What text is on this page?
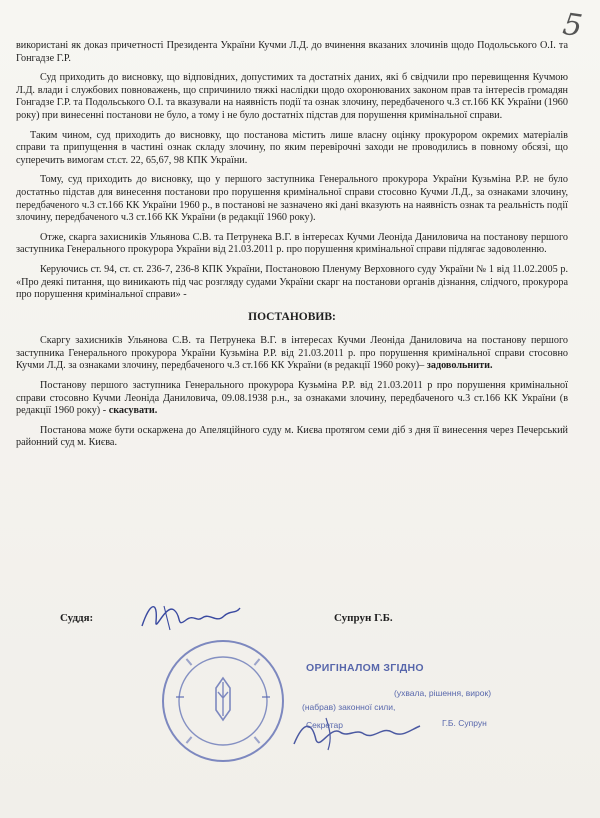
5

використані як доказ причетності Президента України Кучми Л.Д. до вчинення вказаних злочинів щодо Подольського О.І. та Гонгадзе Г.Р.

Суд приходить до висновку, що відповідних, допустимих та достатніх даних, які б свідчили про перевищення Кучмою Л.Д. влади і службових повноважень, що спричинило тяжкі наслідки щодо охоронюваних законом прав та інтересів громадян Гонгадзе Г.Р. та Подольського О.І. та вказували на наявність події та ознак злочину, передбаченого ч.3 ст.166 КК України (1960 року) при винесенні постанови не було, а тому і не було достатніх підстав для порушення кримінальної справи.

Таким чином, суд приходить до висновку, що постанова містить лише власну оцінку прокурором окремих матеріалів справи та припущення в частині ознак складу злочину, по яким перевірочні заходи не проводились в повному обсязі, що суперечить вимогам ст.ст. 22, 65,67, 98 КПК України.

Тому, суд приходить до висновку, що у першого заступника Генерального прокурора України Кузьміна Р.Р. не було достатньо підстав для винесення постанови про порушення кримінальної справи стосовно Кучми Л.Д., за ознаками злочину, передбаченого ч.3 ст.166 КК України 1960 р., в постанові не зазначено які дані вказують на наявність ознак та реальність події злочину, передбаченого ч.3 ст.166 КК України (в редакції 1960 року).

Отже, скарга захисників Ульянова С.В. та Петрунека В.Г. в інтересах Кучми Леоніда Даниловича на постанову першого заступника Генерального прокурора України від 21.03.2011 р. про порушення кримінальної справи підлягає задоволенню.

Керуючись ст. 94, ст. ст. 236-7, 236-8 КПК України, Постановою Пленуму Верховного суду України № 1 від 11.02.2005 р. «Про деякі питання, що виникають під час розгляду судами України скарг на постанови органів дізнання, слідчого, прокурора про порушення кримінальної справи» -

ПОСТАНОВИВ:

Скаргу захисників Ульянова С.В. та Петрунека В.Г. в інтересах Кучми Леоніда Даниловича на постанову першого заступника Генерального прокурора України Кузьміна Р.Р. від 21.03.2011 р. про порушення кримінальної справи стосовно Кучми Л.Д. за ознаками злочину, передбаченого ч.3 ст.166 КК України (в редакції 1960 року)– задовольнити.

Постанову першого заступника Генерального прокурора Кузьміна Р.Р. від 21.03.2011 р про порушення кримінальної справи стосовно Кучми Леоніда Даниловича, 09.08.1938 р.н., за ознаками злочину, передбаченого ч.3 ст.166 КК України (в редакції 1960 року) - скасувати.

Постанова може бути оскаржена до Апеляційного суду м. Києва протягом семи діб з дня її винесення через Печерський районний суд м. Києва.

Суддя:	Супрун Г.Б.
ОРИГІНАЛОМ ЗГІДНО
(ухвала, рішення, вирок)
(набрав) законної сили,
Секретар	Г.Б. Супрун
